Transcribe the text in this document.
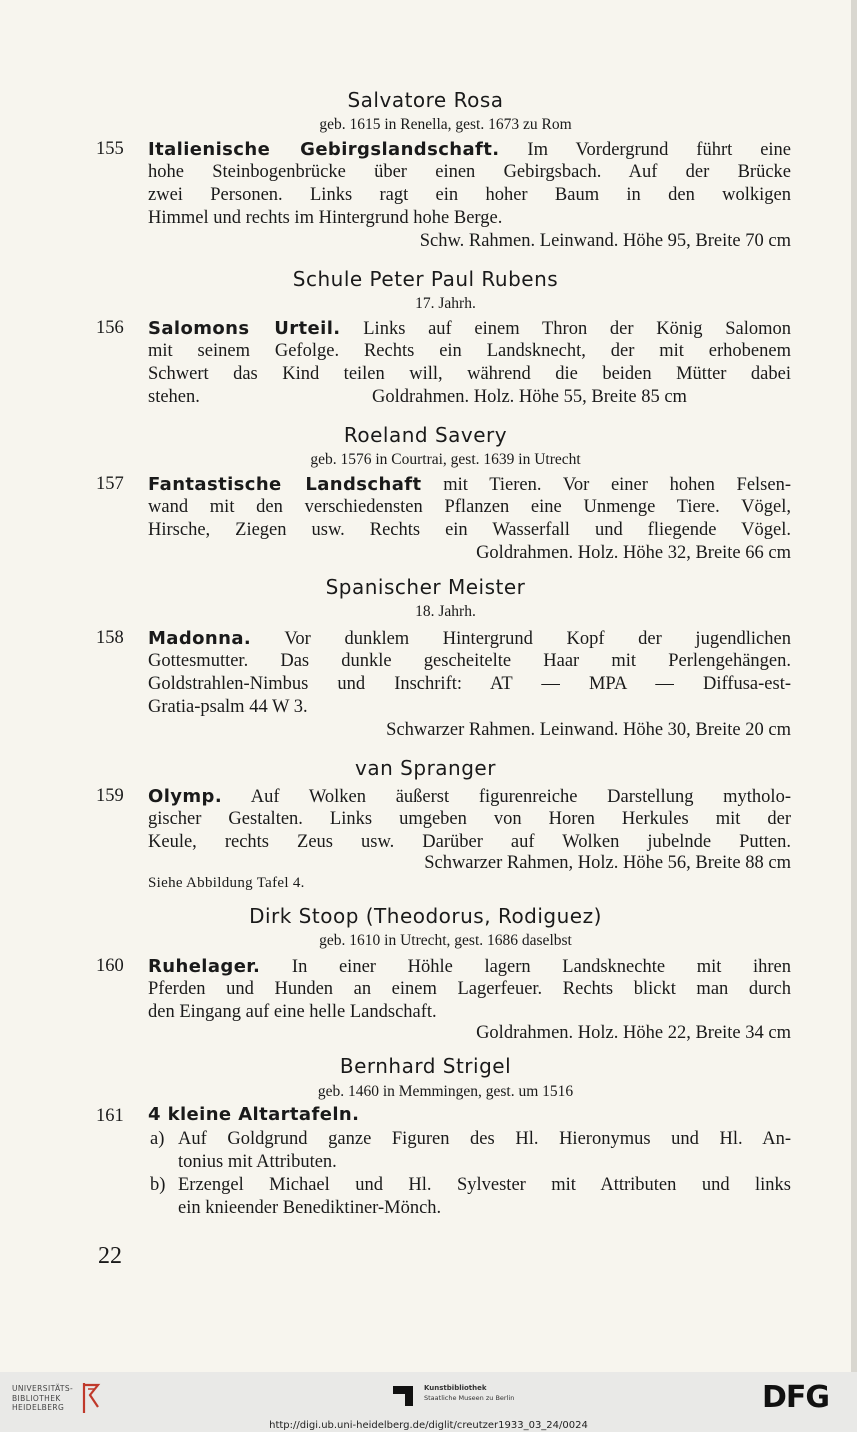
Salvatore Rosa
geb. 1615 in Renella, gest. 1673 zu Rom
155 Italienische Gebirgslandschaft. Im Vordergrund führt eine
hohe Steinbogenbrücke über einen Gebirgsbach. Auf der Brücke
zwei Personen. Links ragt ein hoher Baum in den wolkigen
Himmel und rechts im Hintergrund hohe Berge.
Schw. Rahmen. Leinwand. Höhe 95, Breite 70 cm
Schule Peter Paul Rubens
17. Jahrh.
156 Salomons Urteil. Links auf einem Thron der König Salomon
mit seinem Gefolge. Rechts ein Landsknecht, der mit erhobenem
Schwert das Kind teilen will, während die beiden Mütter dabei
stehen.	Goldrahmen. Holz. Höhe 55, Breite 85 cm
Roeland Savery
geb. 1576 in Courtrai, gest. 1639 in Utrecht
157 Fantastische Landschaft mit Tieren. Vor einer hohen Felsen-
wand mit den verschiedensten Pflanzen eine Unmenge Tiere. Vögel,
Hirsche, Ziegen usw. Rechts ein Wasserfall und fliegende Vögel.
Goldrahmen. Holz. Höhe 32, Breite 66 cm
Spanischer Meister
18. Jahrh.
158 Madonna. Vor dunklem Hintergrund Kopf der jugendlichen
Gottesmutter. Das dunkle gescheitelte Haar mit Perlengehängen.
Goldstrahlen-Nimbus und Inschrift: AT — MPA — Diffusa-est-
Gratia-psalm 44 W 3.
Schwarzer Rahmen. Leinwand. Höhe 30, Breite 20 cm
van Spranger
159 Olymp. Auf Wolken äußerst figurenreiche Darstellung mytholo-
gischer Gestalten. Links umgeben von Horen Herkules mit der
Keule, rechts Zeus usw. Darüber auf Wolken jubelnde Putten.
Schwarzer Rahmen, Holz. Höhe 56, Breite 88 cm
Siehe Abbildung Tafel 4.
Dirk Stoop (Theodorus, Rodiguez)
geb. 1610 in Utrecht, gest. 1686 daselbst
160 Ruhelager. In einer Höhle lagern Landsknechte mit ihren
Pferden und Hunden an einem Lagerfeuer. Rechts blickt man durch
den Eingang auf eine helle Landschaft.
Goldrahmen. Holz. Höhe 22, Breite 34 cm
Bernhard Strigel
geb. 1460 in Memmingen, gest. um 1516
161 4 kleine Altartafeln.
a) Auf Goldgrund ganze Figuren des Hl. Hieronymus und Hl. An-
tonius mit Attributen.
b) Erzengel Michael und Hl. Sylvester mit Attributen und links
ein knieender Benediktiner-Mönch.
22
UNIVERSITÄTS-
BIBLIOTHEK
HEIDELBERG
Kunstbibliothek
Staatliche Museen zu Berlin	DFG
http://digi.ub.uni-heidelberg.de/diglit/creutzer1933_03_24/0024
